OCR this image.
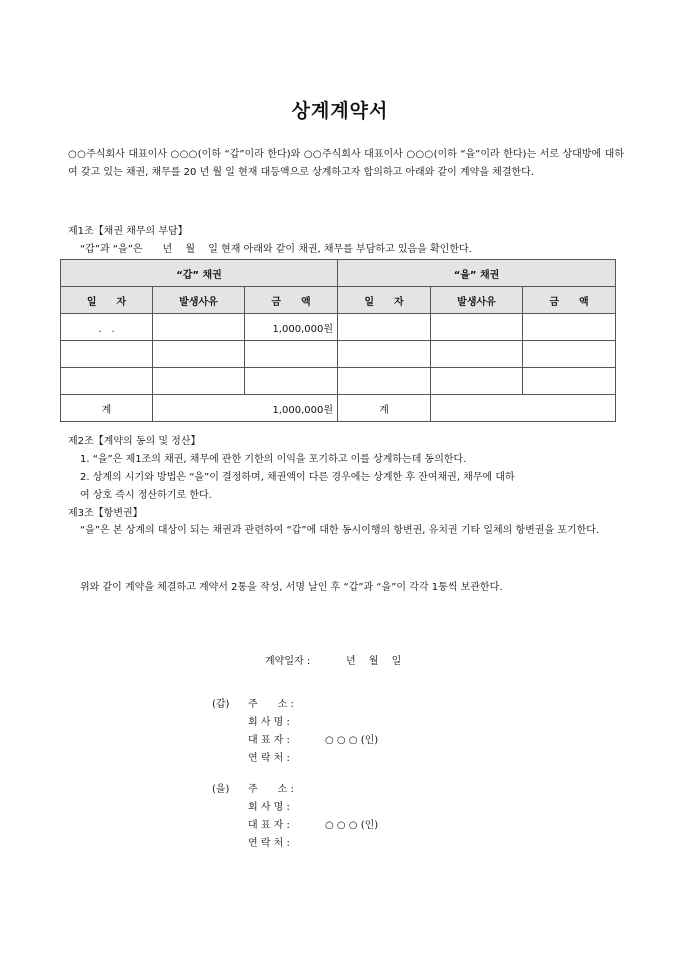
상계계약서
○○주식회사 대표이사 ○○○(이하 “갑”이라 한다)와 ○○주식회사 대표이사 ○○○(이하 “을”이라 한다)는 서로 상대방에 대하여 갖고 있는 채권, 채무를 20 년 월 일 현재 대등액으로 상계하고자 합의하고 아래와 같이 계약을 체결한다.
제1조【채권 채무의 부담】
“갑”과 “을”은　　년　 월　 일 현재 아래와 같이 채권, 채무를 부담하고 있음을 확인한다.
“갑” 채권			“을” 채권		
일　　자	발생사유	금　　액	일　　자	발생사유	금　　액
.　.		1,000,000원			

계	1,000,000원		계		
제2조【계약의 동의 및 정산】
1. “을”은 제1조의 채권, 채무에 관한 기한의 이익을 포기하고 이를 상계하는데 동의한다.
2. 상계의 시기와 방법은 “을”이 결정하며, 채권액이 다른 경우에는 상계한 후 잔여채권, 채무에 대하
여 상호 즉시 정산하기로 한다.
제3조【항변권】
“을”은 본 상계의 대상이 되는 채권과 관련하여 “갑”에 대한 동시이행의 항변권, 유치권 기타 일체의 항변권을 포기한다.
위와 같이 계약을 체결하고 계약서 2통을 작성, 서명 날인 후 “갑”과 “을”이 각각 1통씩 보관한다.
계약일자 :	년　 월　 일
(갑) 주　　소 :
회 사 명 :
대 표 자 :	○ ○ ○ (인)
연 락 처 :
(을) 주　　소 :
회 사 명 :
대 표 자 :	○ ○ ○ (인)
연 락 처 :
